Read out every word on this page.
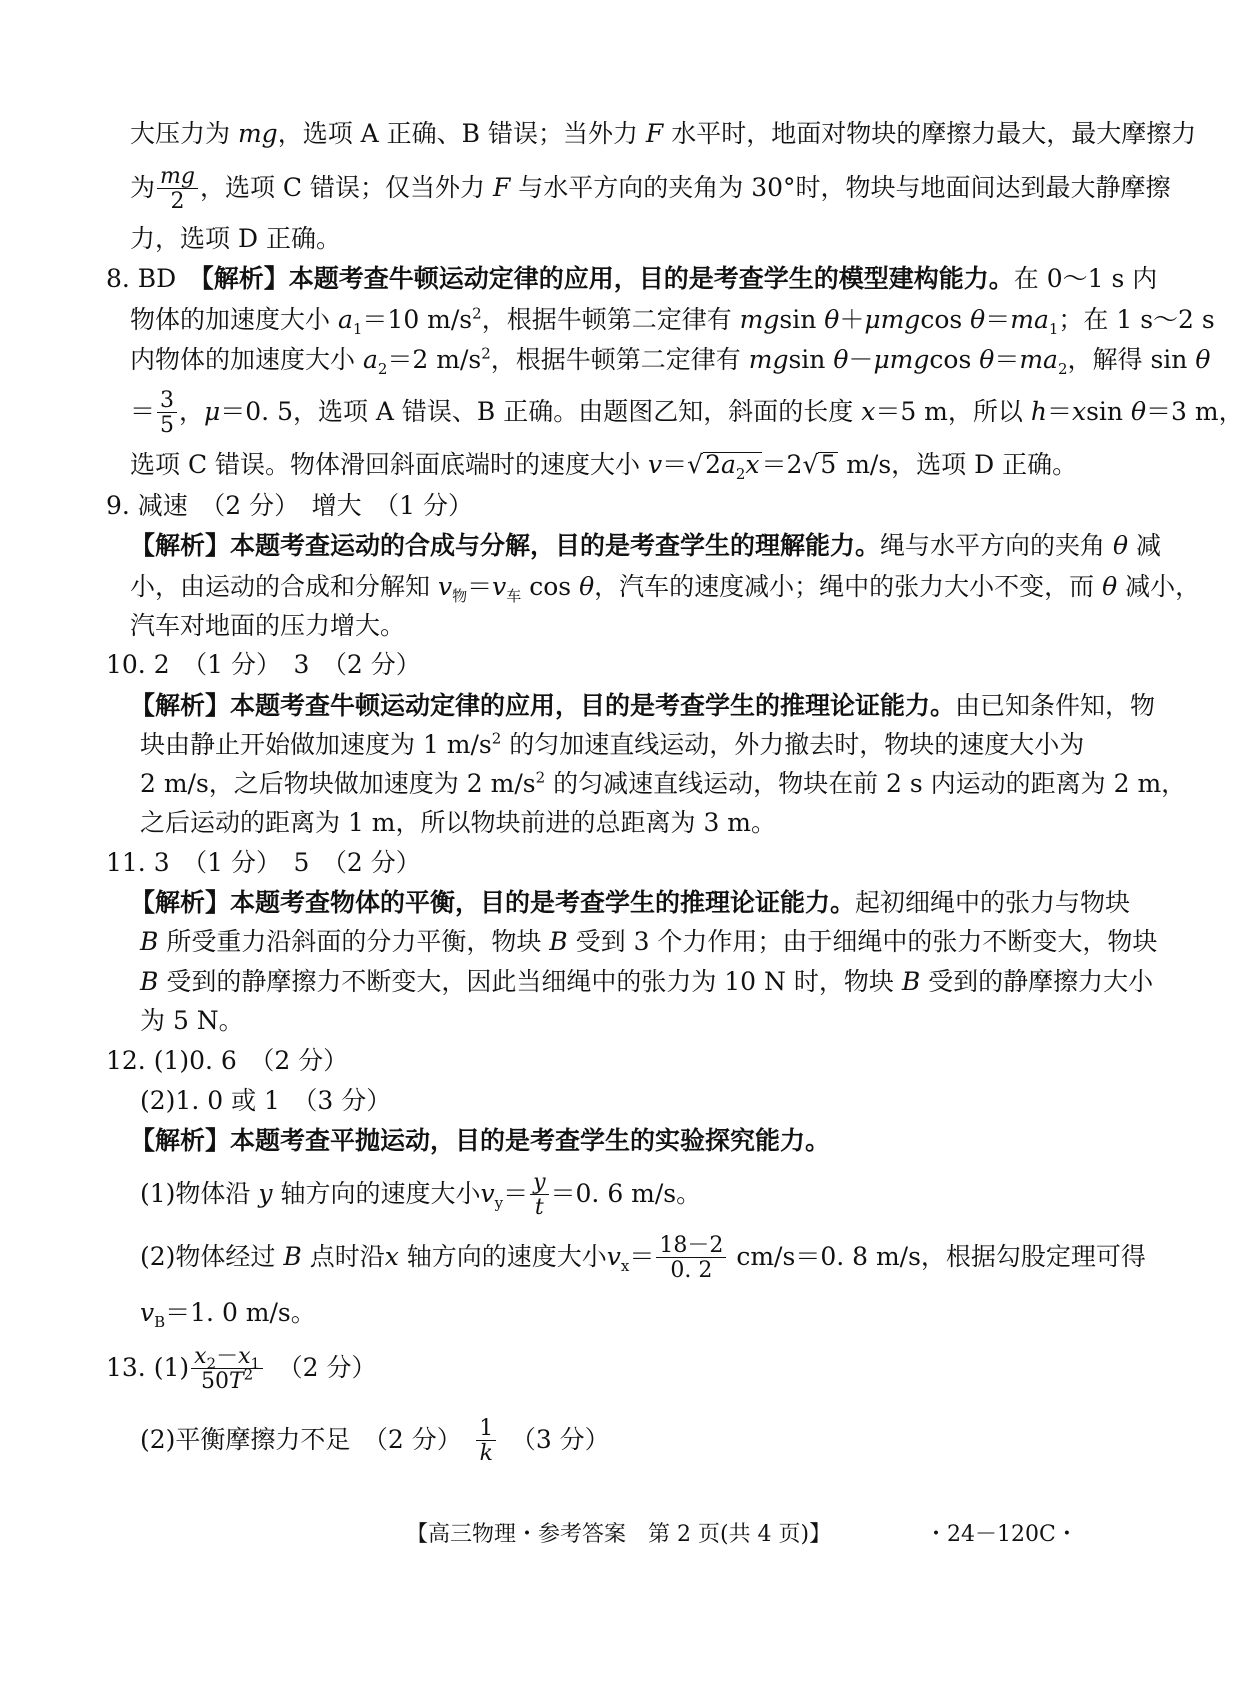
大压力为 mg，选项 A 正确、B 错误；当外力 F 水平时，地面对物块的摩擦力最大，最大摩擦力
为 $\frac{mg}{2}$ ，选项 C 错误；仅当外力 F 与水平方向的夹角为 30°时，物块与地面间达到最大静摩擦
力，选项 D 正确。
8. BD　 【解析】本题考查牛顿运动定律的应用，目的是考查学生的模型建构能力。在 0～1 s 内
物体的加速度大小 $a_1=10$ $m/s^2$，根据牛顿第二定律有 mgsin θ＋μmgcos $\theta=ma_1$；在 1 s～2 s
内物体的加速度大小 $a_2=2$ $m/s^2$，根据牛顿第二定律有 mgsin θ－μmgcos $\theta=ma_2$，解得 sin θ
＝ $\frac{3}{5}$ ，μ＝0. 5，选项 A 错误、B 正确。由题图乙知，斜面的长度 x＝5 m，所以 h＝xsin θ＝3 m，
选项 C 错误。物体滑回斜面底端时的速度大小 $v=√2a_2x=2√5$ m/s，选项 D 正确。
9. 减速　（2 分）　增大　（1 分）
【解析】本题考查运动的合成与分解，目的是考查学生的理解能力。绳与水平方向的夹角 θ 减
小，由运动的合成和分解知 $v_物=v_车$ cos θ，汽车的速度减小；绳中的张力大小不变，而 θ 减小，
汽车对地面的压力增大。
10. 2　（1 分）　3　（2 分）
【解析】本题考查牛顿运动定律的应用，目的是考查学生的推理论证能力。由已知条件知，物
块由静止开始做加速度为 1 $m/s^2$ 的匀加速直线运动，外力撤去时，物块的速度大小为
2 m/s，之后物块做加速度为 2 $m/s^2$ 的匀减速直线运动，物块在前 2 s 内运动的距离为 2 m，
之后运动的距离为 1 m，所以物块前进的总距离为 3 m。
11. 3　（1 分）　5　（2 分）
【解析】本题考查物体的平衡，目的是考查学生的推理论证能力。起初细绳中的张力与物块
B 所受重力沿斜面的分力平衡，物块 B 受到 3 个力作用；由于细绳中的张力不断变大，物块
B 受到的静摩擦力不断变大，因此当细绳中的张力为 10 N 时，物块 B 受到的静摩擦力大小
为 5 N。
12. (1)0. 6　（2 分）
(2)1. 0 或 1　（3 分）
【解析】本题考查平抛运动，目的是考查学生的实验探究能力。
(1)物体沿 y 轴方向的速度大小$v_y= \frac{y}{t} =0$. 6 m/s。
(2)物体经过 B 点时沿x 轴方向的速度大小$v_x= \frac{18-2}{0. 2} cm/s=0$. 8 m/s，根据勾股定理可得
$v_B=1$. 0 m/s。
13. $(1) \frac{x_2-x_1}{50T^2}$
　 （2 分）
(2)平衡摩擦力不足　（2 分）　 $\frac{1}{k}$
　 （3 分）
【高三物理・参考答案　第 2 页(共 4 页)】	・24－120C・
